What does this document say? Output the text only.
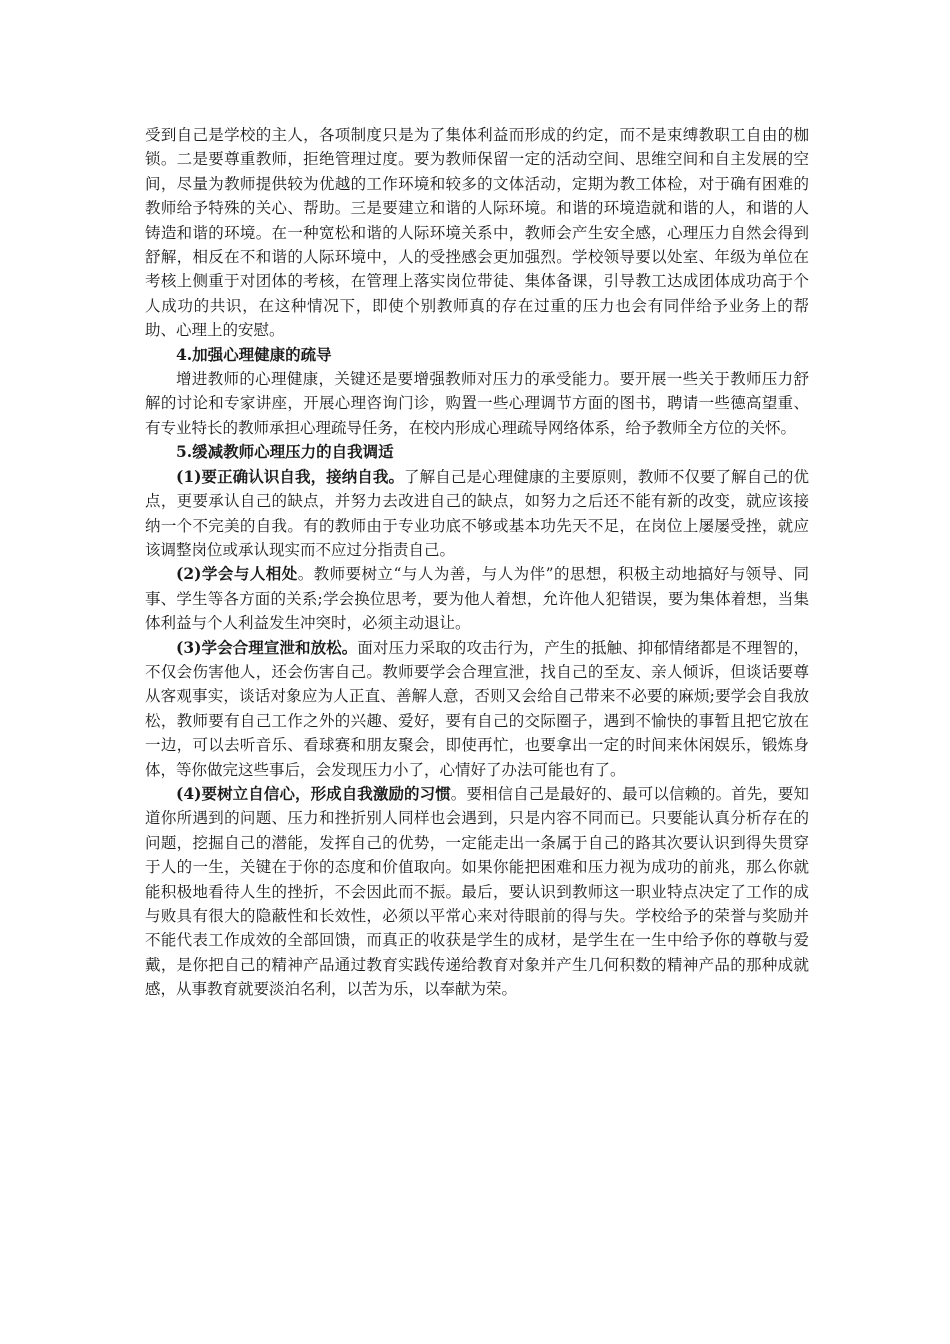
受到自己是学校的主人，各项制度只是为了集体利益而形成的约定，而不是束缚教职工自由的枷锁。二是要尊重教师，拒绝管理过度。要为教师保留一定的活动空间、思维空间和自主发展的空间，尽量为教师提供较为优越的工作环境和较多的文体活动，定期为教工体检，对于确有困难的教师给予特殊的关心、帮助。三是要建立和谐的人际环境。和谐的环境造就和谐的人，和谐的人铸造和谐的环境。在一种宽松和谐的人际环境关系中，教师会产生安全感，心理压力自然会得到舒解，相反在不和谐的人际环境中，人的受挫感会更加强烈。学校领导要以处室、年级为单位在考核上侧重于对团体的考核，在管理上落实岗位带徒、集体备课，引导教工达成团体成功高于个人成功的共识，在这种情况下，即使个别教师真的存在过重的压力也会有同伴给予业务上的帮助、心理上的安慰。

4.加强心理健康的疏导

增进教师的心理健康，关键还是要增强教师对压力的承受能力。要开展一些关于教师压力舒解的讨论和专家讲座，开展心理咨询门诊，购置一些心理调节方面的图书，聘请一些德高望重、有专业特长的教师承担心理疏导任务，在校内形成心理疏导网络体系，给予教师全方位的关怀。

5.缓减教师心理压力的自我调适

(1)要正确认识自我，接纳自我。了解自己是心理健康的主要原则，教师不仅要了解自己的优点，更要承认自己的缺点，并努力去改进自己的缺点，如努力之后还不能有新的改变，就应该接纳一个不完美的自我。有的教师由于专业功底不够或基本功先天不足，在岗位上屡屡受挫，就应该调整岗位或承认现实而不应过分指责自己。

(2)学会与人相处。教师要树立“与人为善，与人为伴”的思想，积极主动地搞好与领导、同事、学生等各方面的关系;学会换位思考，要为他人着想，允许他人犯错误，要为集体着想，当集体利益与个人利益发生冲突时，必须主动退让。

(3)学会合理宣泄和放松。面对压力采取的攻击行为，产生的抵触、抑郁情绪都是不理智的，不仅会伤害他人，还会伤害自己。教师要学会合理宣泄，找自己的至友、亲人倾诉，但谈话要尊从客观事实，谈话对象应为人正直、善解人意，否则又会给自己带来不必要的麻烦;要学会自我放松，教师要有自己工作之外的兴趣、爱好，要有自己的交际圈子，遇到不愉快的事暂且把它放在一边，可以去听音乐、看球赛和朋友聚会，即使再忙，也要拿出一定的时间来休闲娱乐，锻炼身体，等你做完这些事后，会发现压力小了，心情好了办法可能也有了。

(4)要树立自信心，形成自我激励的习惯。要相信自己是最好的、最可以信赖的。首先，要知道你所遇到的问题、压力和挫折别人同样也会遇到，只是内容不同而已。只要能认真分析存在的问题，挖掘自己的潜能，发挥自己的优势，一定能走出一条属于自己的路其次要认识到得失贯穿于人的一生，关键在于你的态度和价值取向。如果你能把困难和压力视为成功的前兆，那么你就能积极地看待人生的挫折，不会因此而不振。最后，要认识到教师这一职业特点决定了工作的成与败具有很大的隐蔽性和长效性，必须以平常心来对待眼前的得与失。学校给予的荣誉与奖励并不能代表工作成效的全部回馈，而真正的收获是学生的成材，是学生在一生中给予你的尊敬与爱戴，是你把自己的精神产品通过教育实践传递给教育对象并产生几何积数的精神产品的那种成就感，从事教育就要淡泊名利，以苦为乐，以奉献为荣。
